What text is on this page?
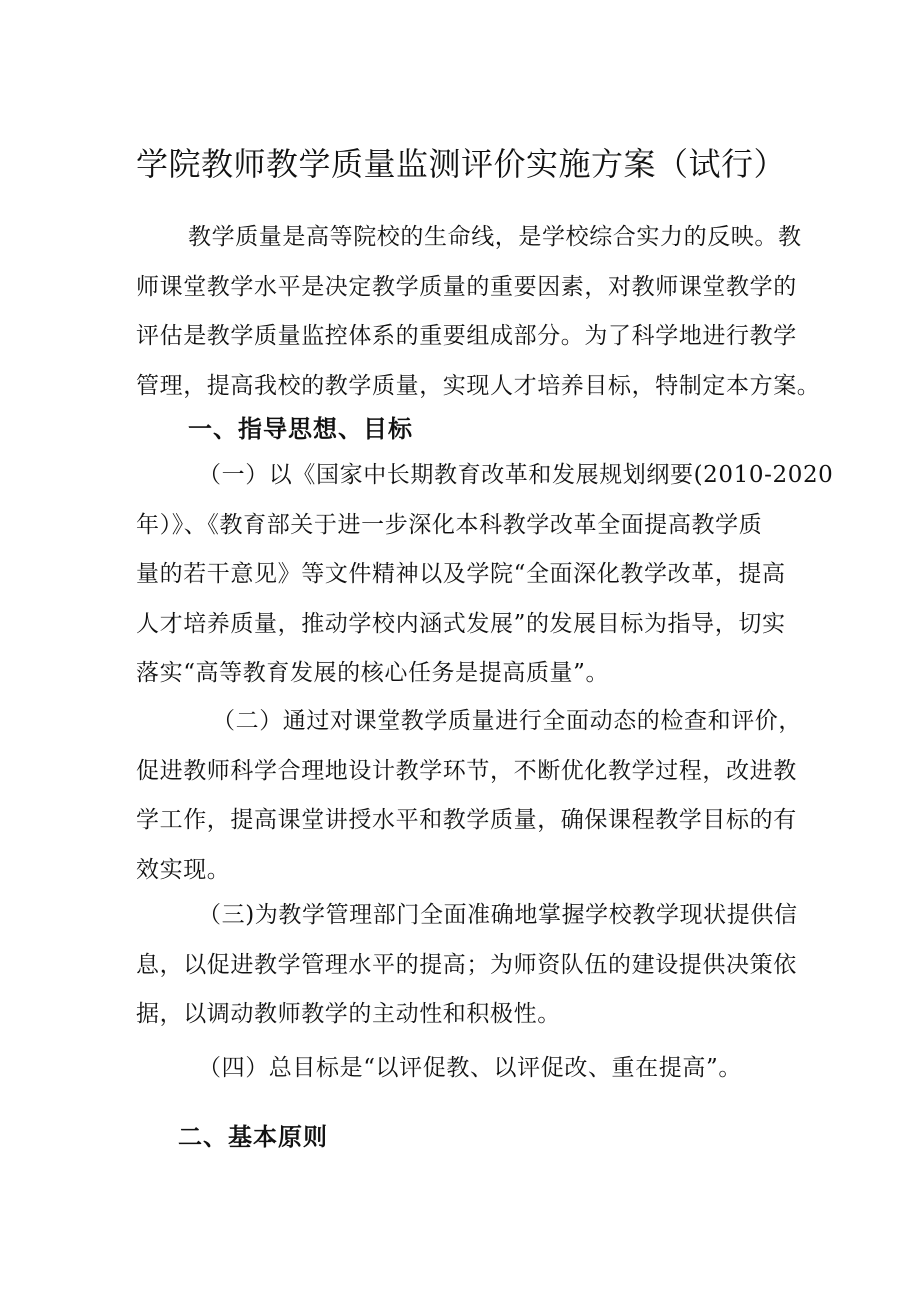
学院教师教学质量监测评价实施方案（试行）
教学质量是高等院校的生命线，是学校综合实力的反映。教
师课堂教学水平是决定教学质量的重要因素，对教师课堂教学的
评估是教学质量监控体系的重要组成部分。为了科学地进行教学
管理，提高我校的教学质量，实现人才培养目标，特制定本方案。
一、指导思想、目标
（一）以《国家中长期教育改革和发展规划纲要(2010-2020
年）》、《教育部关于进一步深化本科教学改革全面提高教学质
量的若干意见》等文件精神以及学院“全面深化教学改革，提高
人才培养质量，推动学校内涵式发展”的发展目标为指导，切实
落实“高等教育发展的核心任务是提高质量”。
（二）通过对课堂教学质量进行全面动态的检查和评价，
促进教师科学合理地设计教学环节，不断优化教学过程，改进教
学工作，提高课堂讲授水平和教学质量，确保课程教学目标的有
效实现。
（三)为教学管理部门全面准确地掌握学校教学现状提供信
息，以促进教学管理水平的提高；为师资队伍的建设提供决策依
据，以调动教师教学的主动性和积极性。
（四）总目标是“以评促教、以评促改、重在提高”。
二、基本原则
